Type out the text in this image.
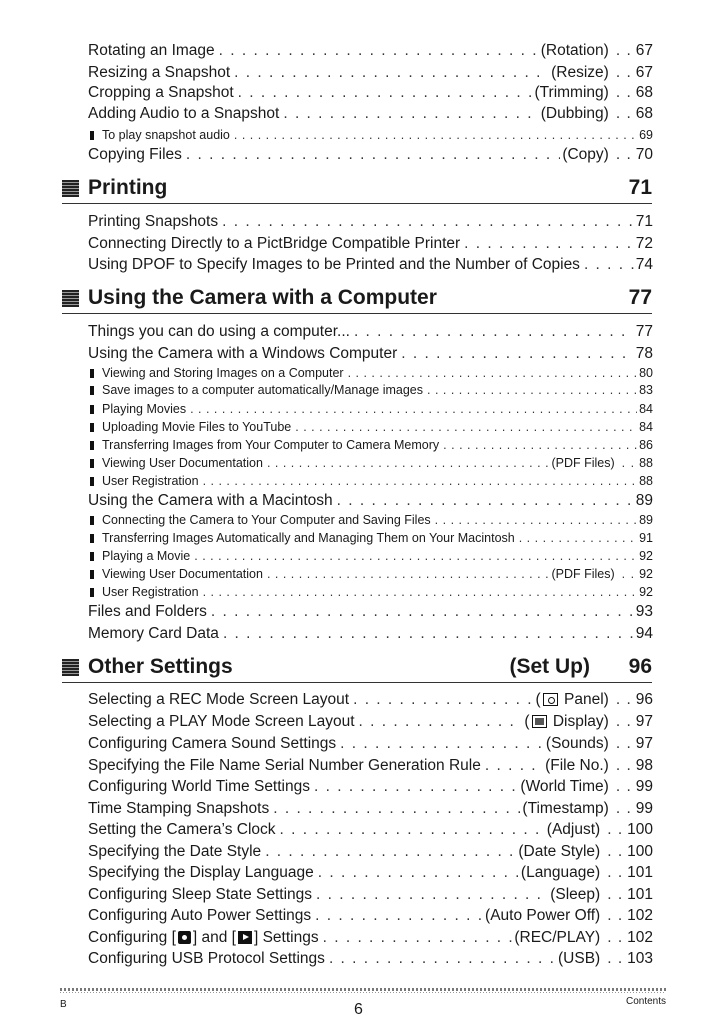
Rotating an Image . . .	(Rotation) . . 67
Resizing a Snapshot . . .	(Resize) . . 67
Cropping a Snapshot . . .	(Trimming) . . 68
Adding Audio to a Snapshot . . .	(Dubbing) . . 68
To play snapshot audio . . .	69
Copying Files . . .	(Copy) . . 70
Printing	71
Printing Snapshots . . .	71
Connecting Directly to a PictBridge Compatible Printer . . .	72
Using DPOF to Specify Images to be Printed and the Number of Copies . . .	74
Using the Camera with a Computer	77
Things you can do using a computer... . . .	77
Using the Camera with a Windows Computer . . .	78
Viewing and Storing Images on a Computer . . .	80
Save images to a computer automatically/Manage images . . .	83
Playing Movies . . .	84
Uploading Movie Files to YouTube . . .	84
Transferring Images from Your Computer to Camera Memory . . .	86
Viewing User Documentation . . .	(PDF Files) . . 88
User Registration . . .	88
Using the Camera with a Macintosh . . .	89
Connecting the Camera to Your Computer and Saving Files . . .	89
Transferring Images Automatically and Managing Them on Your Macintosh . . .	91
Playing a Movie . . .	92
Viewing User Documentation . . .	(PDF Files) . . 92
User Registration . . .	92
Files and Folders . . .	93
Memory Card Data . . .	94
Other Settings	(Set Up) 96
Selecting a REC Mode Screen Layout . . .	( Panel) . . 96
Selecting a PLAY Mode Screen Layout . . .	( Display) . . 97
Configuring Camera Sound Settings . . .	(Sounds) . . 97
Specifying the File Name Serial Number Generation Rule . . .	(File No.) . . 98
Configuring World Time Settings . . .	(World Time) . . 99
Time Stamping Snapshots . . .	(Timestamp) . . 99
Setting the Camera’s Clock . . .	(Adjust) . . 100
Specifying the Date Style . . .	(Date Style) . . 100
Specifying the Display Language . . .	(Language) . . 101
Configuring Sleep State Settings . . .	(Sleep) . . 101
Configuring Auto Power Settings . . .	(Auto Power Off) . . 102
Configuring [ ] and [ ] Settings . . .	(REC/PLAY) . . 102
Configuring USB Protocol Settings . . .	(USB) . . 103
B	6	Contents
